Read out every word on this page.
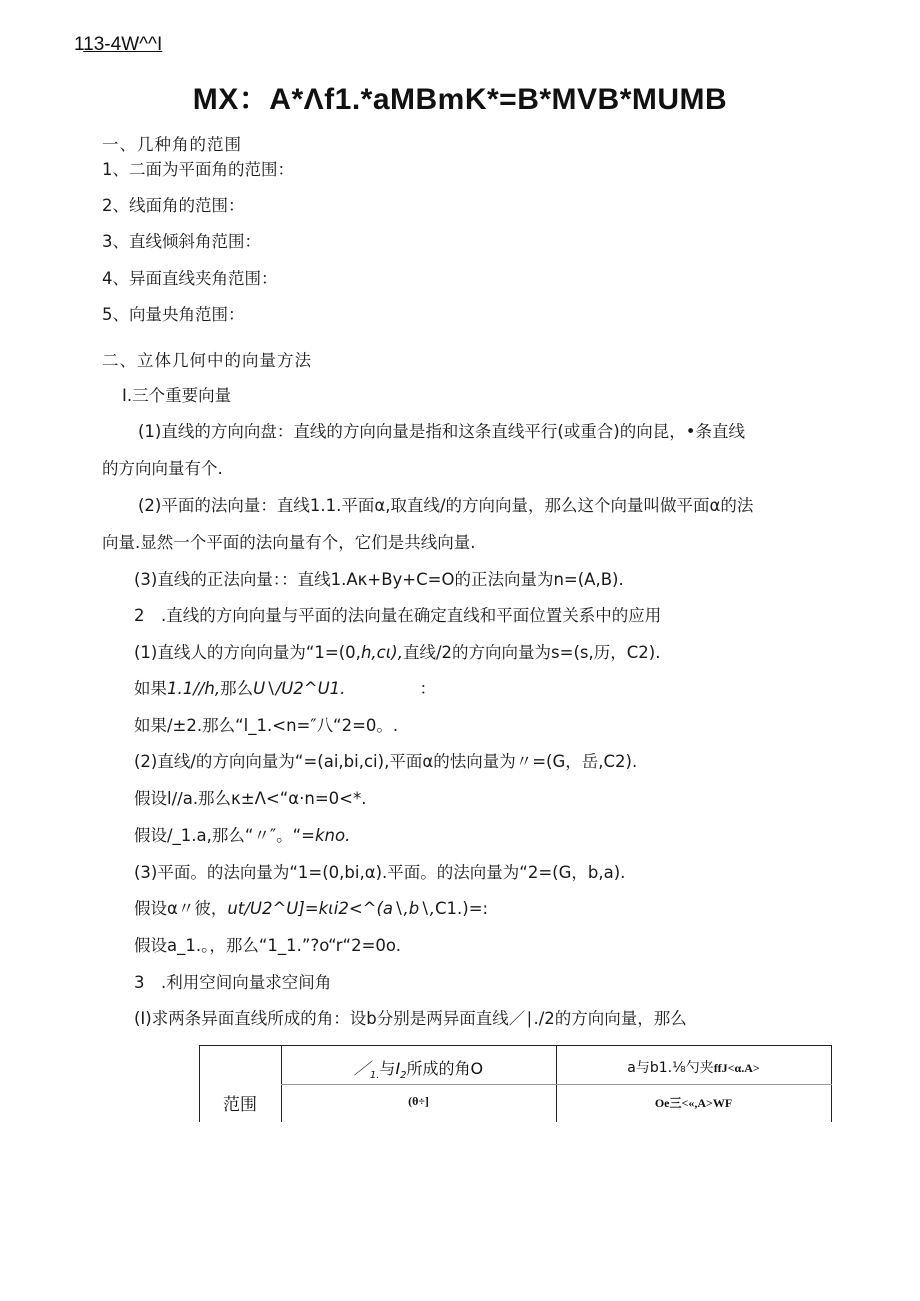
113-4W^^I
MX：A*Λf1.*aMBmK*=B*MVB*MUMB
一、几种角的范围
1、二面为平面角的范围：
2、线面角的范围：
3、直线倾斜角范围：
4、异面直线夹角范围：
5、向量央角范围：
二、立体几何中的向量方法
I.三个重要向量
(1)直线的方向向盘：直线的方向向量是指和这条直线平行(或重合)的向昆，•条直线
的方向向量有个.
(2)平面的法向量：直线1.1.平面α,取直线/的方向向量，那么这个向量叫做平面α的法
向量.显然一个平面的法向量有个，它们是共线向量.
(3)直线的正法向量：：直线1.Aκ+By+C=O的正法向量为n=(A,B).
2　.直线的方向向量与平面的法向量在确定直线和平面位置关系中的应用
(1)直线人的方向向量为“1=(0,h,cι),直线/2的方向向量为s=(s,历，C2).
如果1.1∕∕h,那么U∖∕U2^U1.	：
如果/±2.那么“l_1.<n=″八“2=0。.
(2)直线/的方向向量为“=(ai,bi,ci),平面α的怯向量为〃=(G，岳,C2).
假设l∕∕a.那么κ±Λ<“α·n=0<*.
假设/_1.a,那么“〃″。“=kno.
(3)平面。的法向量为“1=(0,bi,α).平面。的法向量为“2=(G，b,a).
假设α〃彼，ut∕U2^U]=kιi2<^(a∖,b∖,C1.)=:
假设a_1.。，那么“1_1.”?o“r“2=0o.
3　.利用空间向量求空间角
(I)求两条异面直线所成的角：设b分别是两异面直线／∣./2的方向向量，那么
范围
$/_{1.}$与$I_2$所成的角O	a与b1.⅛勺夹ffJ<α.A>
(θ÷]	Oe三<«,A>WF
